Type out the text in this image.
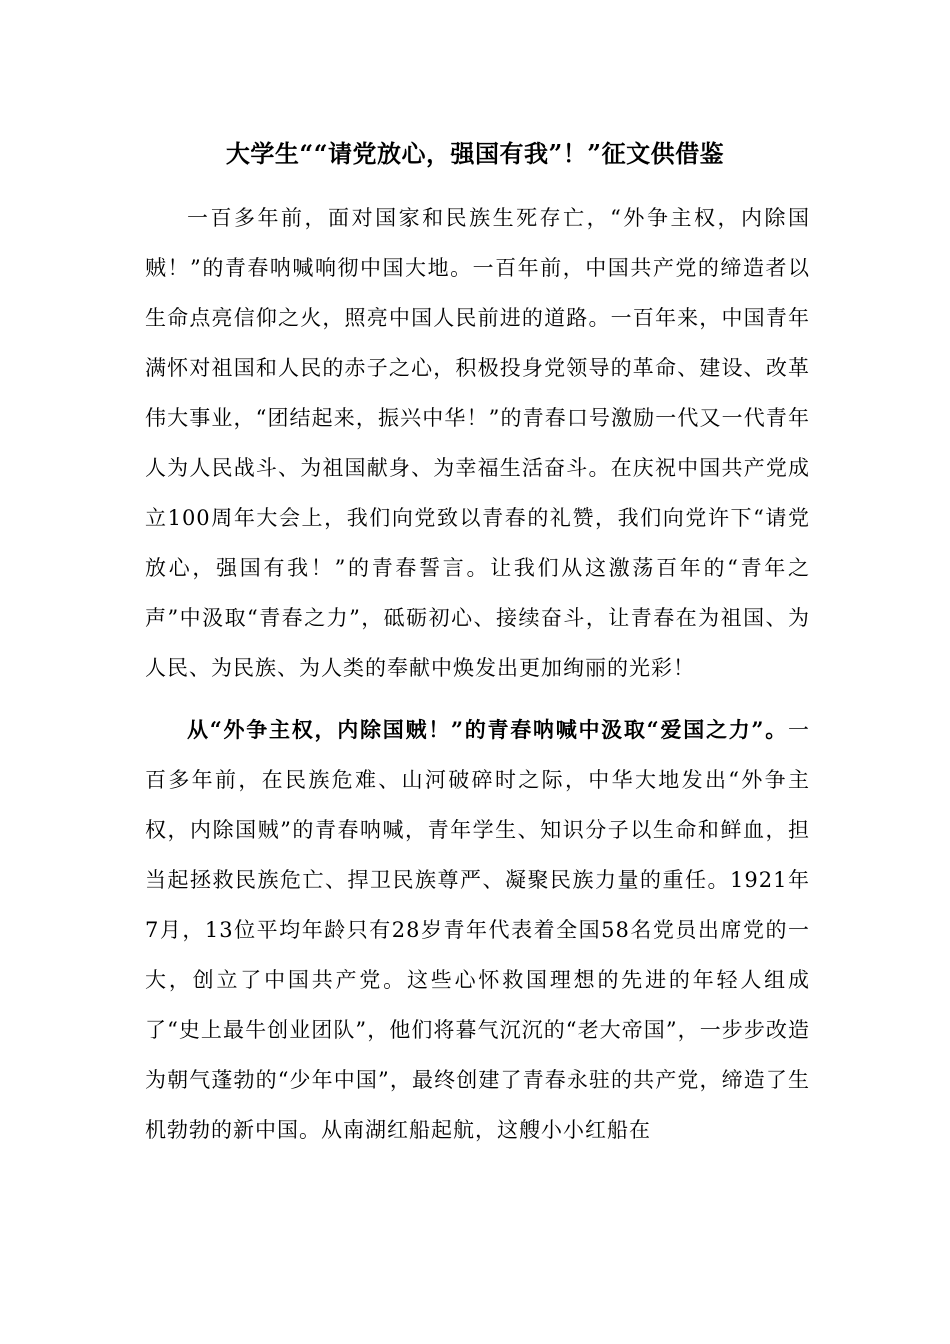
大学生““请党放心，强国有我”！”征文供借鉴

一百多年前，面对国家和民族生死存亡，“外争主权，内除国贼！”的青春呐喊响彻中国大地。一百年前，中国共产党的缔造者以生命点亮信仰之火，照亮中国人民前进的道路。一百年来，中国青年满怀对祖国和人民的赤子之心，积极投身党领导的革命、建设、改革伟大事业，“团结起来，振兴中华！”的青春口号激励一代又一代青年人为人民战斗、为祖国献身、为幸福生活奋斗。在庆祝中国共产党成立100周年大会上，我们向党致以青春的礼赞，我们向党许下“请党放心，强国有我！”的青春誓言。让我们从这激荡百年的“青年之声”中汲取“青春之力”，砥砺初心、接续奋斗，让青春在为祖国、为人民、为民族、为人类的奉献中焕发出更加绚丽的光彩！

从“外争主权，内除国贼！”的青春呐喊中汲取“爱国之力”。一百多年前，在民族危难、山河破碎时之际，中华大地发出“外争主权，内除国贼”的青春呐喊，青年学生、知识分子以生命和鲜血，担当起拯救民族危亡、捍卫民族尊严、凝聚民族力量的重任。1921年7月，13位平均年龄只有28岁青年代表着全国58名党员出席党的一大，创立了中国共产党。这些心怀救国理想的先进的年轻人组成了“史上最牛创业团队”，他们将暮气沉沉的“老大帝国”，一步步改造为朝气蓬勃的“少年中国”，最终创建了青春永驻的共产党，缔造了生机勃勃的新中国。从南湖红船起航，这艘小小红船在
